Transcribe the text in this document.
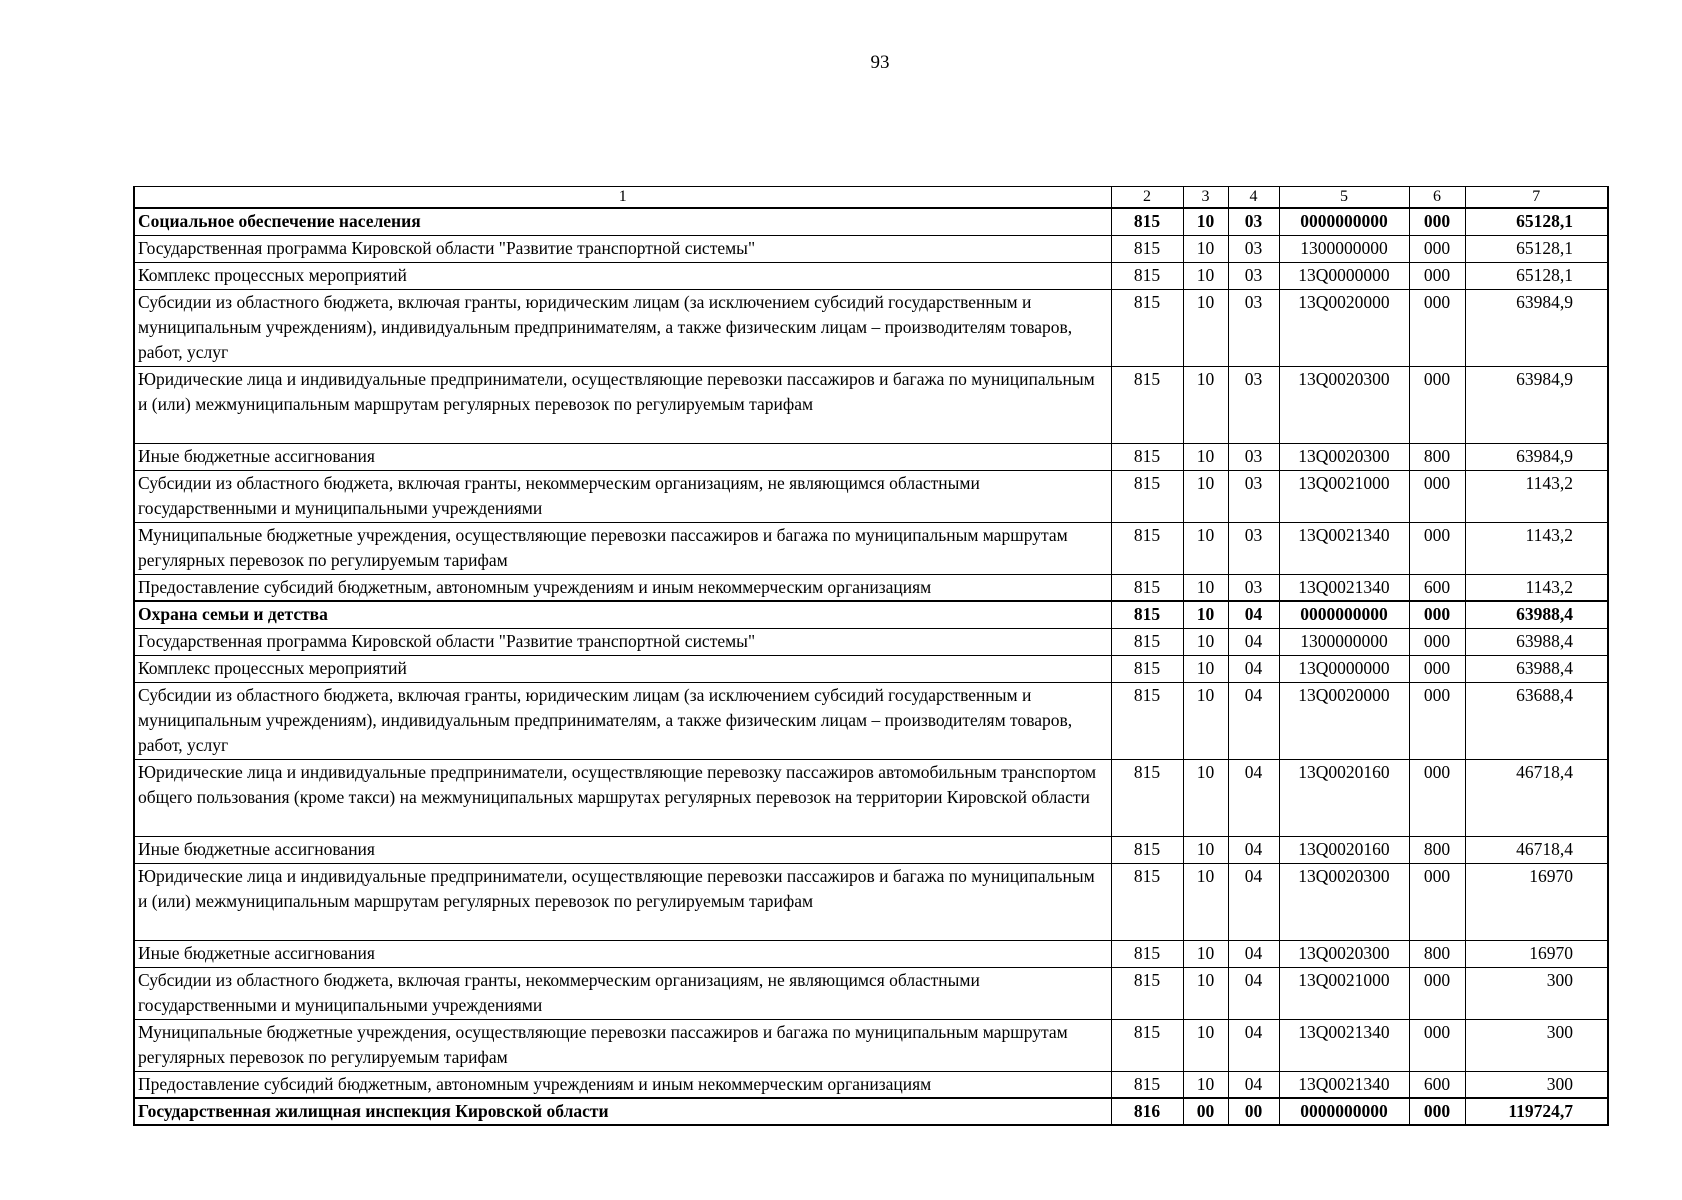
93
1	2	3	4	5	6	7
Социальное обеспечение населения	815	10	03	0000000000	000	65128,1
Государственная программа Кировской области "Развитие транспортной системы"	815	10	03	1300000000	000	65128,1
Комплекс процессных мероприятий	815	10	03	13Q0000000	000	65128,1
Субсидии из областного бюджета, включая гранты, юридическим лицам (за исключением субсидий государственным и муниципальным учреждениям), индивидуальным предпринимателям, а также физическим лицам – производителям товаров, работ, услуг	815	10	03	13Q0020000	000	63984,9
Юридические лица и индивидуальные предприниматели, осуществляющие перевозки пассажиров и багажа по муниципальным и (или) межмуниципальным маршрутам регулярных перевозок по регулируемым тарифам	815	10	03	13Q0020300	000	63984,9
Иные бюджетные ассигнования	815	10	03	13Q0020300	800	63984,9
Субсидии из областного бюджета, включая гранты, некоммерческим организациям, не являющимся областными государственными и муниципальными учреждениями	815	10	03	13Q0021000	000	1143,2
Муниципальные бюджетные учреждения, осуществляющие перевозки пассажиров и багажа по муниципальным маршрутам регулярных перевозок по регулируемым тарифам	815	10	03	13Q0021340	000	1143,2
Предоставление субсидий бюджетным, автономным учреждениям и иным некоммерческим организациям	815	10	03	13Q0021340	600	1143,2
Охрана семьи и детства	815	10	04	0000000000	000	63988,4
Государственная программа Кировской области "Развитие транспортной системы"	815	10	04	1300000000	000	63988,4
Комплекс процессных мероприятий	815	10	04	13Q0000000	000	63988,4
Субсидии из областного бюджета, включая гранты, юридическим лицам (за исключением субсидий государственным и муниципальным учреждениям), индивидуальным предпринимателям, а также физическим лицам – производителям товаров, работ, услуг	815	10	04	13Q0020000	000	63688,4
Юридические лица и индивидуальные предприниматели, осуществляющие перевозку пассажиров автомобильным транспортом общего пользования (кроме такси) на межмуниципальных маршрутах регулярных перевозок на территории Кировской области	815	10	04	13Q0020160	000	46718,4
Иные бюджетные ассигнования	815	10	04	13Q0020160	800	46718,4
Юридические лица и индивидуальные предприниматели, осуществляющие перевозки пассажиров и багажа по муниципальным и (или) межмуниципальным маршрутам регулярных перевозок по регулируемым тарифам	815	10	04	13Q0020300	000	16970
Иные бюджетные ассигнования	815	10	04	13Q0020300	800	16970
Субсидии из областного бюджета, включая гранты, некоммерческим организациям, не являющимся областными государственными и муниципальными учреждениями	815	10	04	13Q0021000	000	300
Муниципальные бюджетные учреждения, осуществляющие перевозки пассажиров и багажа по муниципальным маршрутам регулярных перевозок по регулируемым тарифам	815	10	04	13Q0021340	000	300
Предоставление субсидий бюджетным, автономным учреждениям и иным некоммерческим организациям	815	10	04	13Q0021340	600	300
Государственная жилищная инспекция Кировской области	816	00	00	0000000000	000	119724,7
